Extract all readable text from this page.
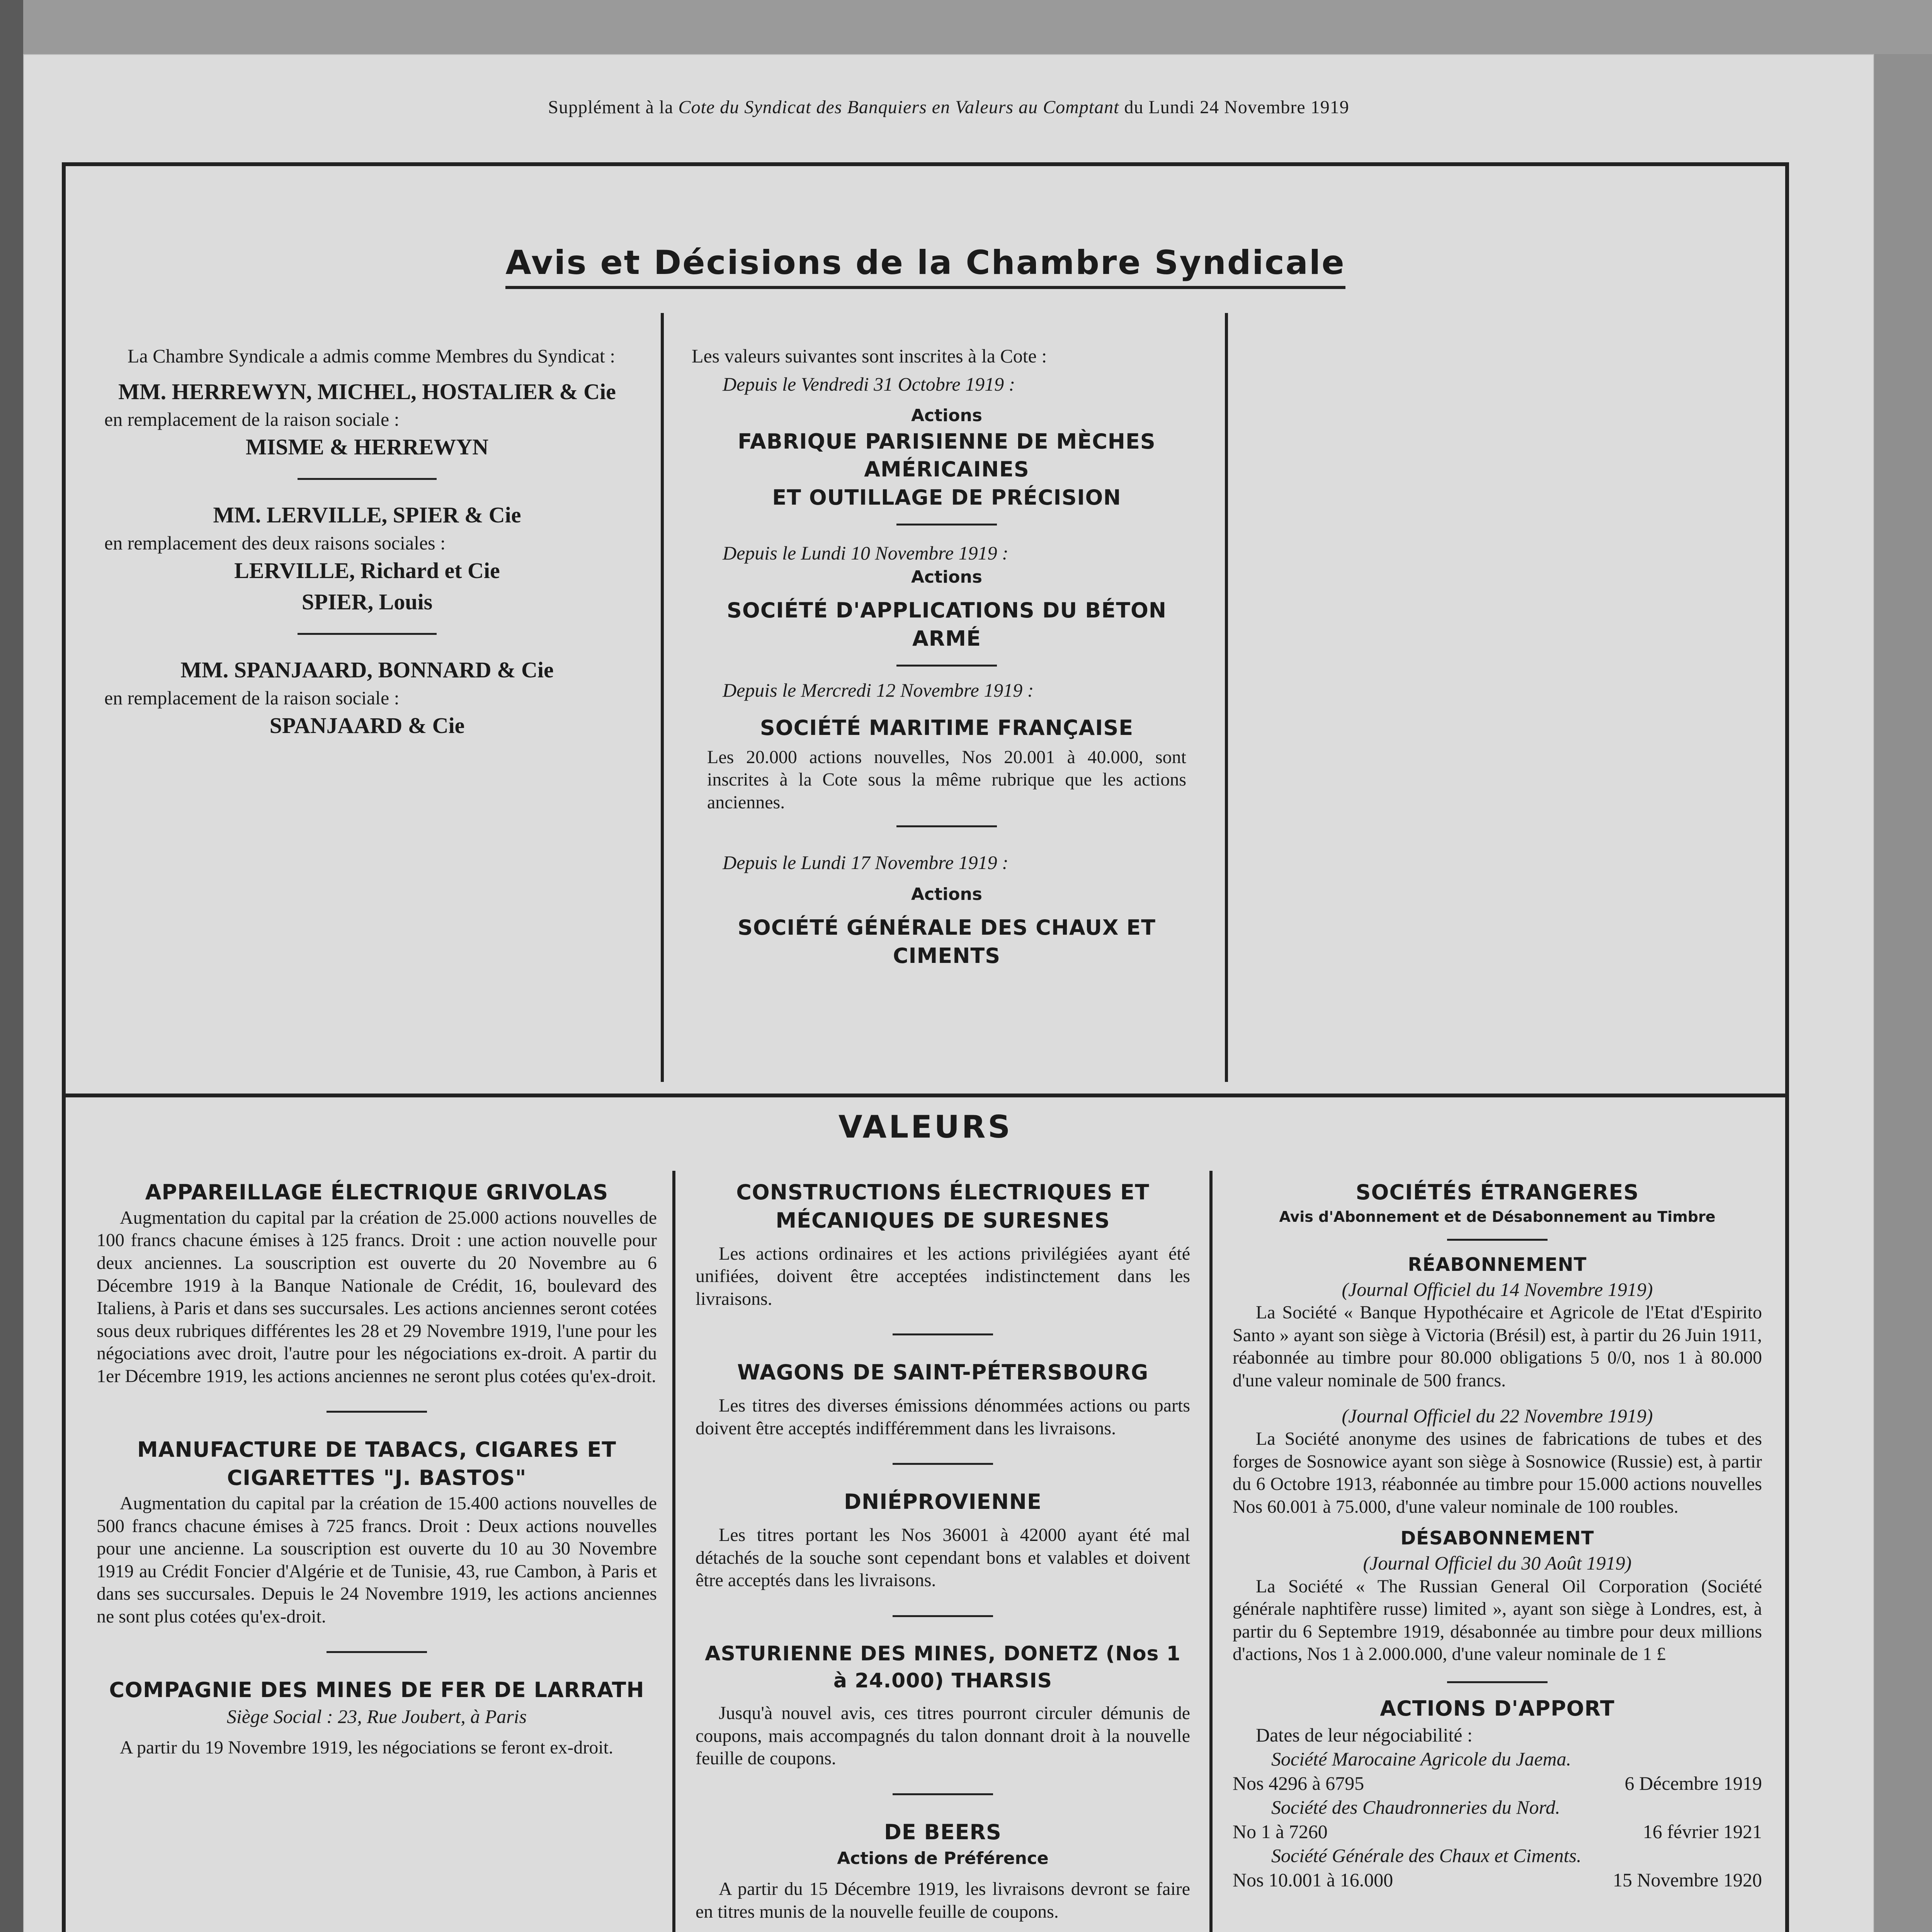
Supplément à la Cote du Syndicat des Banquiers en Valeurs au Comptant du Lundi 24 Novembre 1919
Avis et Décisions de la Chambre Syndicale

La Chambre Syndicale a admis comme Membres du Syndicat :

MM. HERREWYN, MICHEL, HOSTALIER & Cie

en remplacement de la raison sociale :

MISME & HERREWYN

MM. LERVILLE, SPIER & Cie

en remplacement des deux raisons sociales :

LERVILLE, Richard et Cie

SPIER, Louis

MM. SPANJAARD, BONNARD & Cie

en remplacement de la raison sociale :

SPANJAARD & Cie

Les valeurs suivantes sont inscrites à la Cote :

Depuis le Vendredi 31 Octobre 1919 :

Actions

FABRIQUE PARISIENNE DE MÈCHES AMÉRICAINES

ET OUTILLAGE DE PRÉCISION

Depuis le Lundi 10 Novembre 1919 :

Actions

SOCIÉTÉ D'APPLICATIONS DU BÉTON ARMÉ

Depuis le Mercredi 12 Novembre 1919 :

SOCIÉTÉ MARITIME FRANÇAISE

Les 20.000 actions nouvelles, Nos 20.001 à 40.000, sont inscrites à la Cote sous la même rubrique que les actions anciennes.

Depuis le Lundi 17 Novembre 1919 :

Actions

SOCIÉTÉ GÉNÉRALE DES CHAUX ET CIMENTS

VALEURS

APPAREILLAGE ÉLECTRIQUE GRIVOLAS

Augmentation du capital par la création de 25.000 actions nouvelles de 100 francs chacune émises à 125 francs. Droit : une action nouvelle pour deux anciennes. La souscription est ouverte du 20 Novembre au 6 Décembre 1919 à la Banque Nationale de Crédit, 16, boulevard des Italiens, à Paris et dans ses succursales. Les actions anciennes seront cotées sous deux rubriques différentes les 28 et 29 Novembre 1919, l'une pour les négociations avec droit, l'autre pour les négociations ex-droit. A partir du 1er Décembre 1919, les actions anciennes ne seront plus cotées qu'ex-droit.

MANUFACTURE DE TABACS, CIGARES ET CIGARETTES "J. BASTOS"

Augmentation du capital par la création de 15.400 actions nouvelles de 500 francs chacune émises à 725 francs. Droit : Deux actions nouvelles pour une ancienne. La souscription est ouverte du 10 au 30 Novembre 1919 au Crédit Foncier d'Algérie et de Tunisie, 43, rue Cambon, à Paris et dans ses succursales. Depuis le 24 Novembre 1919, les actions anciennes ne sont plus cotées qu'ex-droit.

COMPAGNIE DES MINES DE FER DE LARRATH

Siège Social : 23, Rue Joubert, à Paris

A partir du 19 Novembre 1919, les négociations se feront ex-droit.

CONSTRUCTIONS ÉLECTRIQUES ET MÉCANIQUES DE SURESNES

Les actions ordinaires et les actions privilégiées ayant été unifiées, doivent être acceptées indistinctement dans les livraisons.

WAGONS DE SAINT-PÉTERSBOURG

Les titres des diverses émissions dénommées actions ou parts doivent être acceptés indifféremment dans les livraisons.

DNIÉPROVIENNE

Les titres portant les Nos 36001 à 42000 ayant été mal détachés de la souche sont cependant bons et valables et doivent être acceptés dans les livraisons.

ASTURIENNE DES MINES, DONETZ (Nos 1 à 24.000) THARSIS

Jusqu'à nouvel avis, ces titres pourront circuler démunis de coupons, mais accompagnés du talon donnant droit à la nouvelle feuille de coupons.

DE BEERS

Actions de Préférence

A partir du 15 Décembre 1919, les livraisons devront se faire en titres munis de la nouvelle feuille de coupons.

SOCIÉTÉS ÉTRANGERES

Avis d'Abonnement et de Désabonnement au Timbre

RÉABONNEMENT

(Journal Officiel du 14 Novembre 1919)

La Société « Banque Hypothécaire et Agricole de l'Etat d'Espirito Santo » ayant son siège à Victoria (Brésil) est, à partir du 26 Juin 1911, réabonnée au timbre pour 80.000 obligations 5 0/0, nos 1 à 80.000 d'une valeur nominale de 500 francs.

(Journal Officiel du 22 Novembre 1919)

La Société anonyme des usines de fabrications de tubes et des forges de Sosnowice ayant son siège à Sosnowice (Russie) est, à partir du 6 Octobre 1913, réabonnée au timbre pour 15.000 actions nouvelles Nos 60.001 à 75.000, d'une valeur nominale de 100 roubles.

DÉSABONNEMENT

(Journal Officiel du 30 Août 1919)

La Société « The Russian General Oil Corporation (Société générale naphtifère russe) limited », ayant son siège à Londres, est, à partir du 6 Septembre 1919, désabonnée au timbre pour deux millions d'actions, Nos 1 à 2.000.000, d'une valeur nominale de 1 £

ACTIONS D'APPORT

Dates de leur négociabilité :

Société Marocaine Agricole du Jaema.

Nos 4296 à 6795	6 Décembre 1919

Société des Chaudronneries du Nord.

No 1 à 7260	16 février 1921

Société Générale des Chaux et Ciments.

Nos 10.001 à 16.000	15 Novembre 1920
